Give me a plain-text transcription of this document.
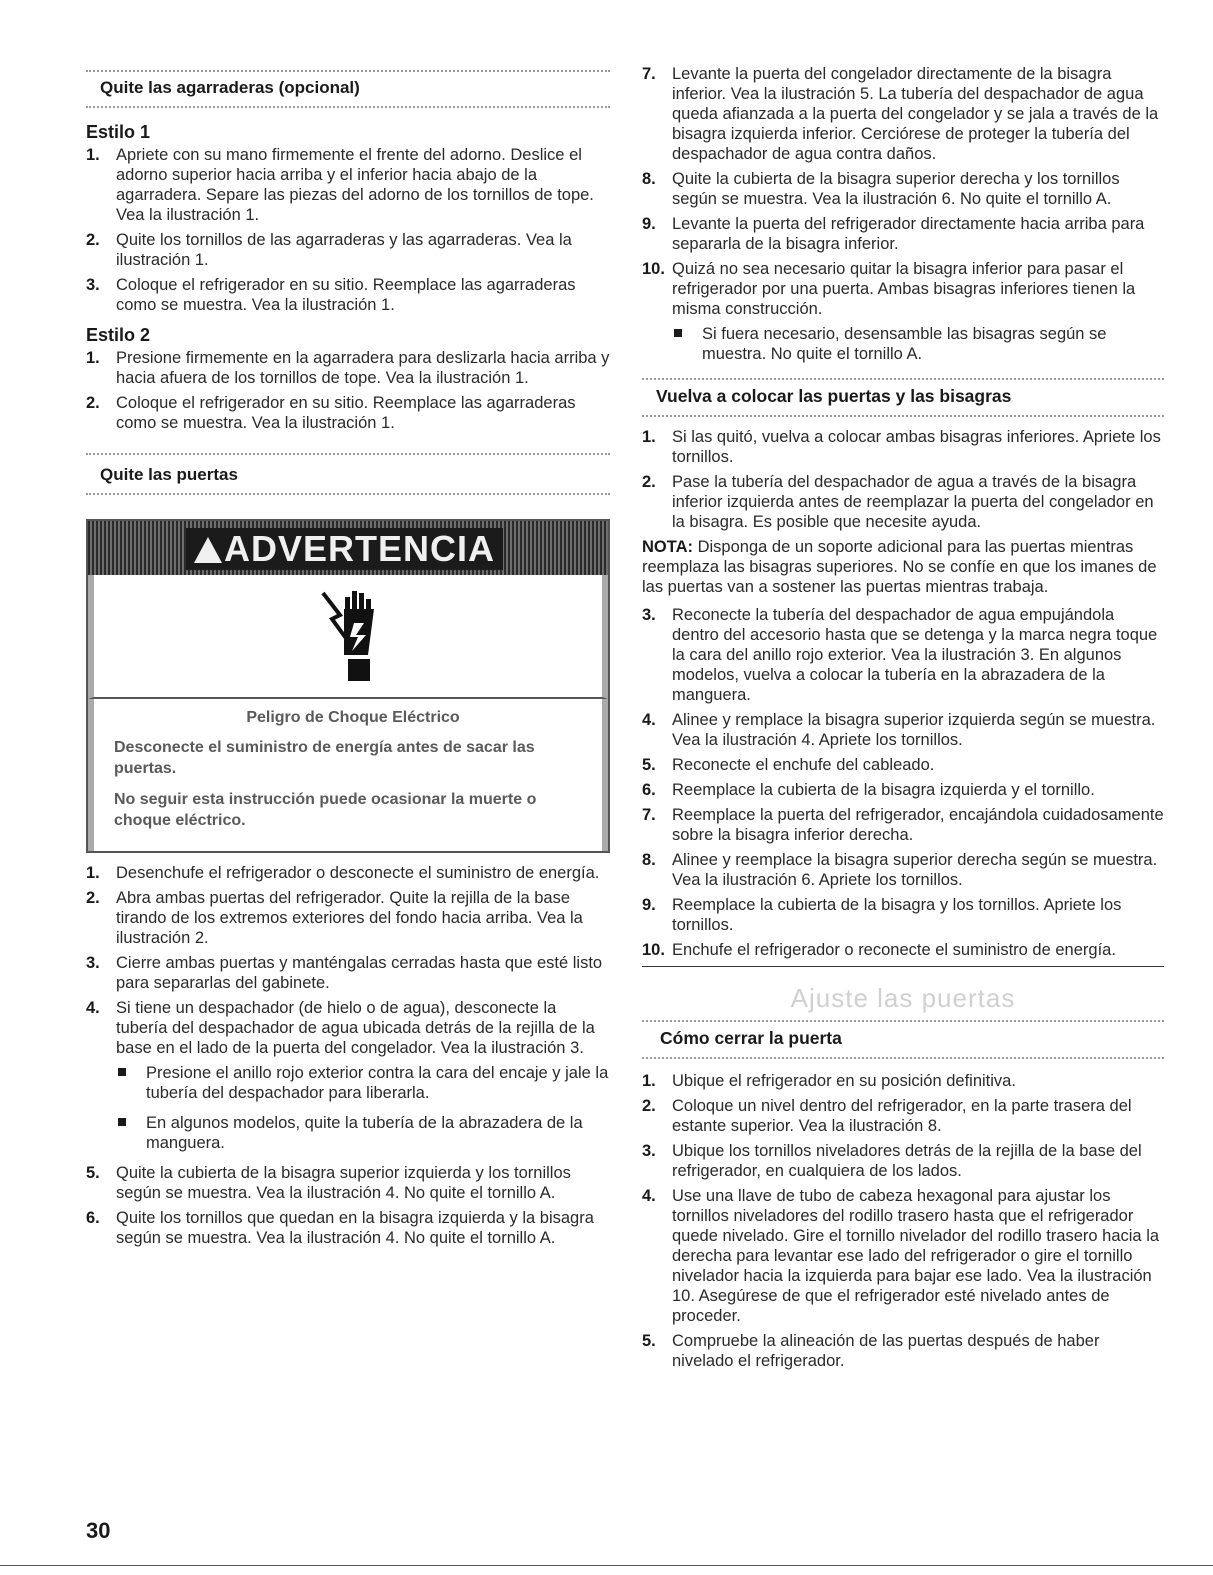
Quite las agarraderas (opcional)
Estilo 1
1. Apriete con su mano firmemente el frente del adorno. Deslice el adorno superior hacia arriba y el inferior hacia abajo de la agarradera. Separe las piezas del adorno de los tornillos de tope. Vea la ilustración 1.
2. Quite los tornillos de las agarraderas y las agarraderas. Vea la ilustración 1.
3. Coloque el refrigerador en su sitio. Reemplace las agarraderas como se muestra. Vea la ilustración 1.
Estilo 2
1. Presione firmemente en la agarradera para deslizarla hacia arriba y hacia afuera de los tornillos de tope. Vea la ilustración 1.
2. Coloque el refrigerador en su sitio. Reemplace las agarraderas como se muestra. Vea la ilustración 1.
Quite las puertas
ADVERTENCIA
Peligro de Choque Eléctrico

Desconecte el suministro de energía antes de sacar las puertas.

No seguir esta instrucción puede ocasionar la muerte o choque eléctrico.

1. Desenchufe el refrigerador o desconecte el suministro de energía.
2. Abra ambas puertas del refrigerador. Quite la rejilla de la base tirando de los extremos exteriores del fondo hacia arriba. Vea la ilustración 2.
3. Cierre ambas puertas y manténgalas cerradas hasta que esté listo para separarlas del gabinete.
4. Si tiene un despachador (de hielo o de agua), desconecte la tubería del despachador de agua ubicada detrás de la rejilla de la base en el lado de la puerta del congelador. Vea la ilustración 3.
Presione el anillo rojo exterior contra la cara del encaje y jale la tubería del despachador para liberarla.
En algunos modelos, quite la tubería de la abrazadera de la manguera.
5. Quite la cubierta de la bisagra superior izquierda y los tornillos según se muestra. Vea la ilustración 4. No quite el tornillo A.
6. Quite los tornillos que quedan en la bisagra izquierda y la bisagra según se muestra. Vea la ilustración 4. No quite el tornillo A.
7. Levante la puerta del congelador directamente de la bisagra inferior. Vea la ilustración 5. La tubería del despachador de agua queda afianzada a la puerta del congelador y se jala a través de la bisagra izquierda inferior. Cerciórese de proteger la tubería del despachador de agua contra daños.
8. Quite la cubierta de la bisagra superior derecha y los tornillos según se muestra. Vea la ilustración 6. No quite el tornillo A.
9. Levante la puerta del refrigerador directamente hacia arriba para separarla de la bisagra inferior.
10. Quizá no sea necesario quitar la bisagra inferior para pasar el refrigerador por una puerta. Ambas bisagras inferiores tienen la misma construcción.
Si fuera necesario, desensamble las bisagras según se muestra. No quite el tornillo A.
Vuelva a colocar las puertas y las bisagras
1. Si las quitó, vuelva a colocar ambas bisagras inferiores. Apriete los tornillos.
2. Pase la tubería del despachador de agua a través de la bisagra inferior izquierda antes de reemplazar la puerta del congelador en la bisagra. Es posible que necesite ayuda.
NOTA: Disponga de un soporte adicional para las puertas mientras reemplaza las bisagras superiores. No se confíe en que los imanes de las puertas van a sostener las puertas mientras trabaja.
3. Reconecte la tubería del despachador de agua empujándola dentro del accesorio hasta que se detenga y la marca negra toque la cara del anillo rojo exterior. Vea la ilustración 3. En algunos modelos, vuelva a colocar la tubería en la abrazadera de la manguera.
4. Alinee y remplace la bisagra superior izquierda según se muestra. Vea la ilustración 4. Apriete los tornillos.
5. Reconecte el enchufe del cableado.
6. Reemplace la cubierta de la bisagra izquierda y el tornillo.
7. Reemplace la puerta del refrigerador, encajándola cuidadosamente sobre la bisagra inferior derecha.
8. Alinee y reemplace la bisagra superior derecha según se muestra. Vea la ilustración 6. Apriete los tornillos.
9. Reemplace la cubierta de la bisagra y los tornillos. Apriete los tornillos.
10. Enchufe el refrigerador o reconecte el suministro de energía.
Ajuste las puertas
Cómo cerrar la puerta
1. Ubique el refrigerador en su posición definitiva.
2. Coloque un nivel dentro del refrigerador, en la parte trasera del estante superior. Vea la ilustración 8.
3. Ubique los tornillos niveladores detrás de la rejilla de la base del refrigerador, en cualquiera de los lados.
4. Use una llave de tubo de cabeza hexagonal para ajustar los tornillos niveladores del rodillo trasero hasta que el refrigerador quede nivelado. Gire el tornillo nivelador del rodillo trasero hacia la derecha para levantar ese lado del refrigerador o gire el tornillo nivelador hacia la izquierda para bajar ese lado. Vea la ilustración 10. Asegúrese de que el refrigerador esté nivelado antes de proceder.
5. Compruebe la alineación de las puertas después de haber nivelado el refrigerador.
30
